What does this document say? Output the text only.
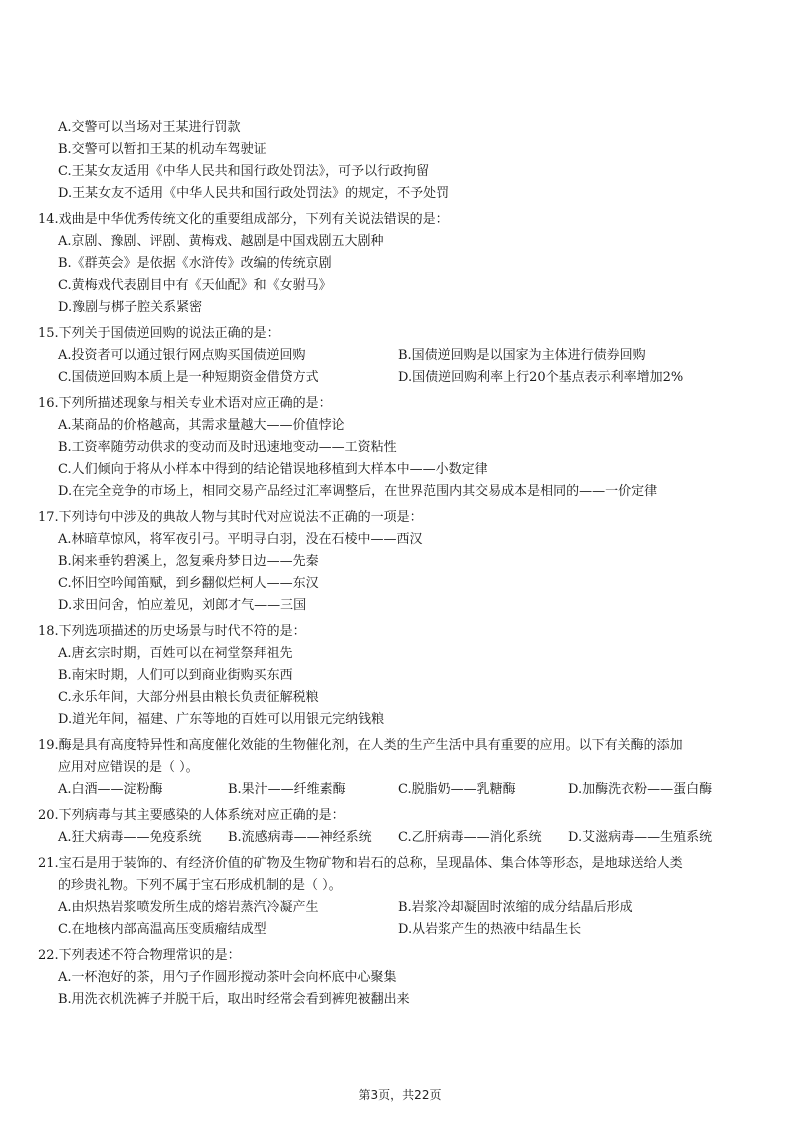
A.交警可以当场对王某进行罚款
B.交警可以暂扣王某的机动车驾驶证
C.王某女友适用《中华人民共和国行政处罚法》，可予以行政拘留
D.王某女友不适用《中华人民共和国行政处罚法》的规定，不予处罚
14.戏曲是中华优秀传统文化的重要组成部分，下列有关说法错误的是：
A.京剧、豫剧、评剧、黄梅戏、越剧是中国戏剧五大剧种
B.《群英会》是依据《水浒传》改编的传统京剧
C.黄梅戏代表剧目中有《天仙配》和《女驸马》
D.豫剧与梆子腔关系紧密
15.下列关于国债逆回购的说法正确的是：
A.投资者可以通过银行网点购买国债逆回购	B.国债逆回购是以国家为主体进行债券回购
C.国债逆回购本质上是一种短期资金借贷方式	D.国债逆回购利率上行20个基点表示利率增加2%
16.下列所描述现象与相关专业术语对应正确的是：
A.某商品的价格越高，其需求量越大——价值悖论
B.工资率随劳动供求的变动而及时迅速地变动——工资粘性
C.人们倾向于将从小样本中得到的结论错误地移植到大样本中——小数定律
D.在完全竞争的市场上，相同交易产品经过汇率调整后，在世界范围内其交易成本是相同的——一价定律
17.下列诗句中涉及的典故人物与其时代对应说法不正确的一项是：
A.林暗草惊风，将军夜引弓。平明寻白羽，没在石棱中——西汉
B.闲来垂钓碧溪上，忽复乘舟梦日边——先秦
C.怀旧空吟闻笛赋，到乡翻似烂柯人——东汉
D.求田问舍，怕应羞见，刘郎才气——三国
18.下列选项描述的历史场景与时代不符的是：
A.唐玄宗时期，百姓可以在祠堂祭拜祖先
B.南宋时期，人们可以到商业街购买东西
C.永乐年间，大部分州县由粮长负责征解税粮
D.道光年间，福建、广东等地的百姓可以用银元完纳钱粮
19.酶是具有高度特异性和高度催化效能的生物催化剂，在人类的生产生活中具有重要的应用。以下有关酶的添加
应用对应错误的是（ ）。
A.白酒——淀粉酶	B.果汁——纤维素酶	C.脱脂奶——乳糖酶	D.加酶洗衣粉——蛋白酶
20.下列病毒与其主要感染的人体系统对应正确的是：
A.狂犬病毒——免疫系统	B.流感病毒——神经系统	C.乙肝病毒——消化系统	D.艾滋病毒——生殖系统
21.宝石是用于装饰的、有经济价值的矿物及生物矿物和岩石的总称，呈现晶体、集合体等形态，是地球送给人类
的珍贵礼物。下列不属于宝石形成机制的是（ ）。
A.由炽热岩浆喷发所生成的熔岩蒸汽冷凝产生	B.岩浆冷却凝固时浓缩的成分结晶后形成
C.在地核内部高温高压变质瘤结成型	D.从岩浆产生的热液中结晶生长
22.下列表述不符合物理常识的是：
A.一杯泡好的茶，用勺子作圆形搅动茶叶会向杯底中心聚集
B.用洗衣机洗裤子并脱干后，取出时经常会看到裤兜被翻出来
第3页，共22页
